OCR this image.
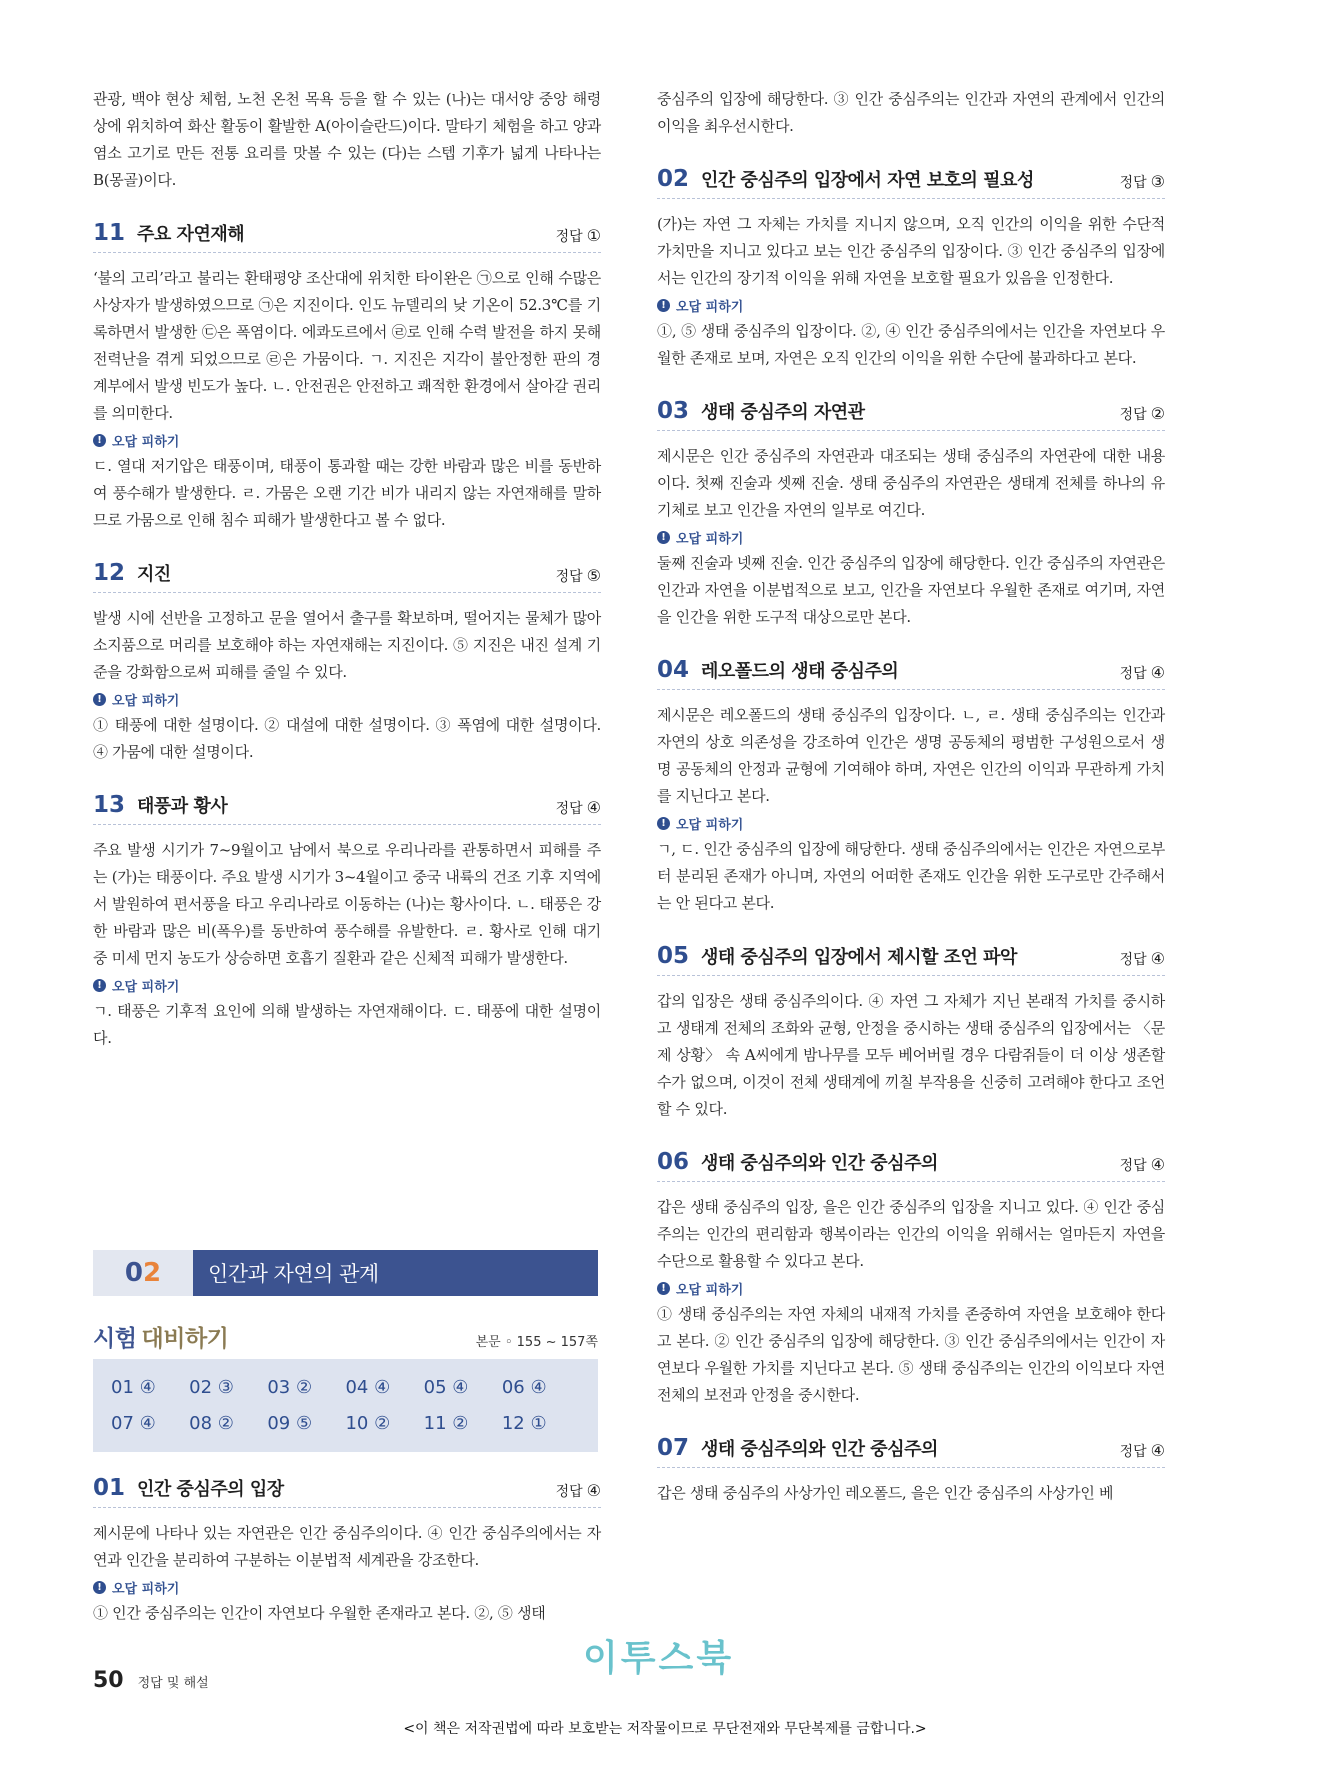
관광, 백야 현상 체험, 노천 온천 목욕 등을 할 수 있는 (나)는 대서양 중앙 해령상에 위치하여 화산 활동이 활발한 A(아이슬란드)이다. 말타기 체험을 하고 양과 염소 고기로 만든 전통 요리를 맛볼 수 있는 (다)는 스텝 기후가 넓게 나타나는 B(몽골)이다.

11 주요 자연재해	정답 ①

‘불의 고리’라고 불리는 환태평양 조산대에 위치한 타이완은 ㉠으로 인해 수많은 사상자가 발생하였으므로 ㉠은 지진이다. 인도 뉴델리의 낮 기온이 52.3℃를 기록하면서 발생한 ㉢은 폭염이다. 에콰도르에서 ㉣로 인해 수력 발전을 하지 못해 전력난을 겪게 되었으므로 ㉣은 가뭄이다. ㄱ. 지진은 지각이 불안정한 판의 경계부에서 발생 빈도가 높다. ㄴ. 안전권은 안전하고 쾌적한 환경에서 살아갈 권리를 의미한다.

! 오답 피하기

ㄷ. 열대 저기압은 태풍이며, 태풍이 통과할 때는 강한 바람과 많은 비를 동반하여 풍수해가 발생한다. ㄹ. 가뭄은 오랜 기간 비가 내리지 않는 자연재해를 말하므로 가뭄으로 인해 침수 피해가 발생한다고 볼 수 없다.

12 지진	정답 ⑤

발생 시에 선반을 고정하고 문을 열어서 출구를 확보하며, 떨어지는 물체가 많아 소지품으로 머리를 보호해야 하는 자연재해는 지진이다. ⑤ 지진은 내진 설계 기준을 강화함으로써 피해를 줄일 수 있다.

! 오답 피하기

① 태풍에 대한 설명이다. ② 대설에 대한 설명이다. ③ 폭염에 대한 설명이다. ④ 가뭄에 대한 설명이다.

13 태풍과 황사	정답 ④

주요 발생 시기가 7~9월이고 남에서 북으로 우리나라를 관통하면서 피해를 주는 (가)는 태풍이다. 주요 발생 시기가 3~4월이고 중국 내륙의 건조 기후 지역에서 발원하여 편서풍을 타고 우리나라로 이동하는 (나)는 황사이다. ㄴ. 태풍은 강한 바람과 많은 비(폭우)를 동반하여 풍수해를 유발한다. ㄹ. 황사로 인해 대기 중 미세 먼지 농도가 상승하면 호흡기 질환과 같은 신체적 피해가 발생한다.

! 오답 피하기

ㄱ. 태풍은 기후적 요인에 의해 발생하는 자연재해이다. ㄷ. 태풍에 대한 설명이다.

0 2	인간과 자연의 관계
시험 대비하기	본문 ◦ 155 ~ 157쪽
01 ④	02 ③	03 ②	04 ④	05 ④	06 ④
07 ④	08 ②	09 ⑤	10 ②	11 ②	12 ①
01 인간 중심주의 입장	정답 ④

제시문에 나타나 있는 자연관은 인간 중심주의이다. ④ 인간 중심주의에서는 자연과 인간을 분리하여 구분하는 이분법적 세계관을 강조한다.

! 오답 피하기

① 인간 중심주의는 인간이 자연보다 우월한 존재라고 본다. ②, ⑤ 생태

중심주의 입장에 해당한다. ③ 인간 중심주의는 인간과 자연의 관계에서 인간의 이익을 최우선시한다.

02 인간 중심주의 입장에서 자연 보호의 필요성	정답 ③

(가)는 자연 그 자체는 가치를 지니지 않으며, 오직 인간의 이익을 위한 수단적 가치만을 지니고 있다고 보는 인간 중심주의 입장이다. ③ 인간 중심주의 입장에서는 인간의 장기적 이익을 위해 자연을 보호할 필요가 있음을 인정한다.

! 오답 피하기

①, ⑤ 생태 중심주의 입장이다. ②, ④ 인간 중심주의에서는 인간을 자연보다 우월한 존재로 보며, 자연은 오직 인간의 이익을 위한 수단에 불과하다고 본다.

03 생태 중심주의 자연관	정답 ②

제시문은 인간 중심주의 자연관과 대조되는 생태 중심주의 자연관에 대한 내용이다. 첫째 진술과 셋째 진술. 생태 중심주의 자연관은 생태계 전체를 하나의 유기체로 보고 인간을 자연의 일부로 여긴다.

! 오답 피하기

둘째 진술과 넷째 진술. 인간 중심주의 입장에 해당한다. 인간 중심주의 자연관은 인간과 자연을 이분법적으로 보고, 인간을 자연보다 우월한 존재로 여기며, 자연을 인간을 위한 도구적 대상으로만 본다.

04 레오폴드의 생태 중심주의	정답 ④

제시문은 레오폴드의 생태 중심주의 입장이다. ㄴ, ㄹ. 생태 중심주의는 인간과 자연의 상호 의존성을 강조하여 인간은 생명 공동체의 평범한 구성원으로서 생명 공동체의 안정과 균형에 기여해야 하며, 자연은 인간의 이익과 무관하게 가치를 지닌다고 본다.

! 오답 피하기

ㄱ, ㄷ. 인간 중심주의 입장에 해당한다. 생태 중심주의에서는 인간은 자연으로부터 분리된 존재가 아니며, 자연의 어떠한 존재도 인간을 위한 도구로만 간주해서는 안 된다고 본다.

05 생태 중심주의 입장에서 제시할 조언 파악	정답 ④

갑의 입장은 생태 중심주의이다. ④ 자연 그 자체가 지닌 본래적 가치를 중시하고 생태계 전체의 조화와 균형, 안정을 중시하는 생태 중심주의 입장에서는 〈문제 상황〉 속 A씨에게 밤나무를 모두 베어버릴 경우 다람쥐들이 더 이상 생존할 수가 없으며, 이것이 전체 생태계에 끼칠 부작용을 신중히 고려해야 한다고 조언할 수 있다.

06 생태 중심주의와 인간 중심주의	정답 ④

갑은 생태 중심주의 입장, 을은 인간 중심주의 입장을 지니고 있다. ④ 인간 중심주의는 인간의 편리함과 행복이라는 인간의 이익을 위해서는 얼마든지 자연을 수단으로 활용할 수 있다고 본다.

! 오답 피하기

① 생태 중심주의는 자연 자체의 내재적 가치를 존중하여 자연을 보호해야 한다고 본다. ② 인간 중심주의 입장에 해당한다. ③ 인간 중심주의에서는 인간이 자연보다 우월한 가치를 지닌다고 본다. ⑤ 생태 중심주의는 인간의 이익보다 자연 전체의 보전과 안정을 중시한다.

07 생태 중심주의와 인간 중심주의	정답 ④

갑은 생태 중심주의 사상가인 레오폴드, 을은 인간 중심주의 사상가인 베

50 정답 및 해설
이투스북
<이 책은 저작권법에 따라 보호받는 저작물이므로 무단전재와 무단복제를 금합니다.>
